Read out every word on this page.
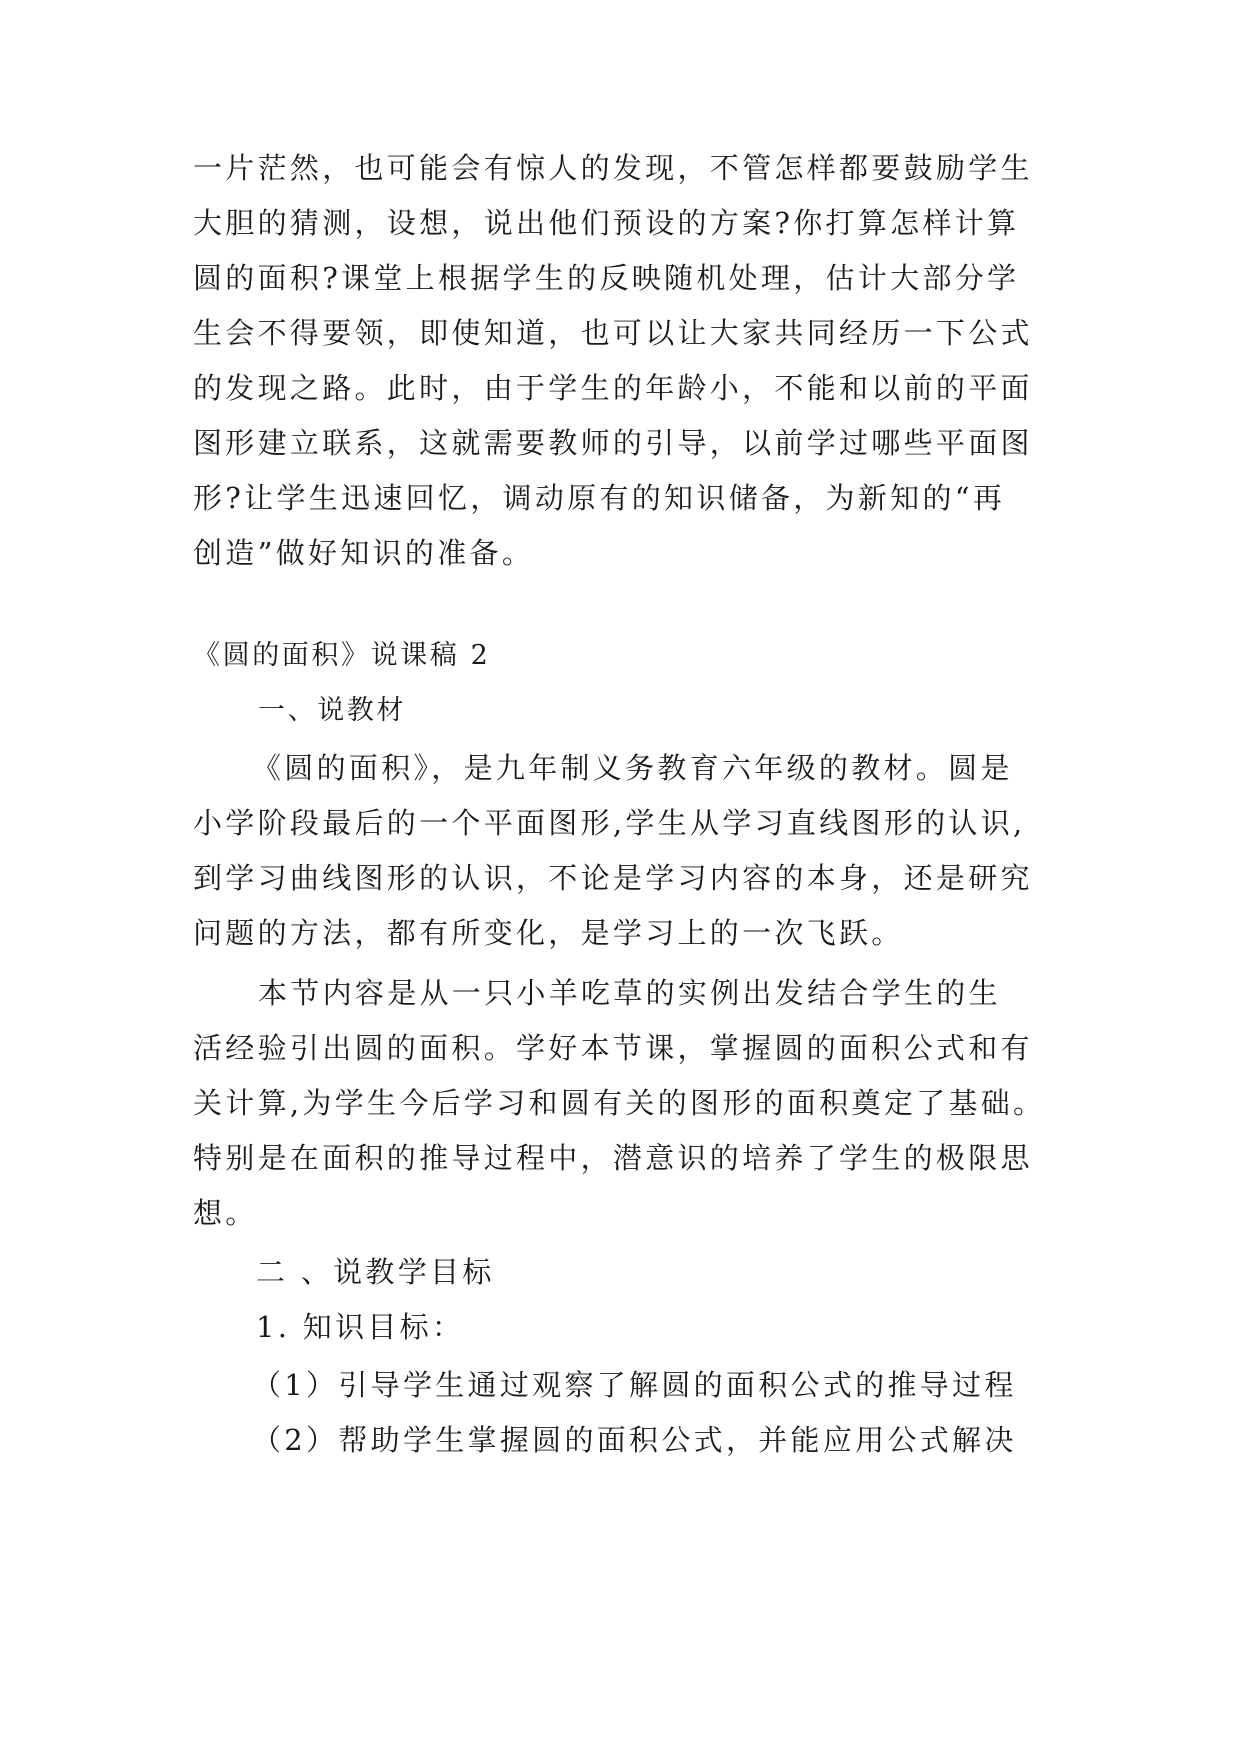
一片茫然，也可能会有惊人的发现，不管怎样都要鼓励学生
大胆的猜测，设想，说出他们预设的方案?你打算怎样计算
圆的面积?课堂上根据学生的反映随机处理，估计大部分学
生会不得要领，即使知道，也可以让大家共同经历一下公式
的发现之路。此时，由于学生的年龄小，不能和以前的平面
图形建立联系，这就需要教师的引导，以前学过哪些平面图
形?让学生迅速回忆，调动原有的知识储备，为新知的“再
创造”做好知识的准备。
《圆的面积》说课稿 2
一、说教材
《圆的面积》，是九年制义务教育六年级的教材。圆是
小学阶段最后的一个平面图形,学生从学习直线图形的认识,
到学习曲线图形的认识，不论是学习内容的本身，还是研究
问题的方法，都有所变化，是学习上的一次飞跃。
本节内容是从一只小羊吃草的实例出发结合学生的生
活经验引出圆的面积。学好本节课，掌握圆的面积公式和有
关计算,为学生今后学习和圆有关的图形的面积奠定了基础。
特别是在面积的推导过程中，潜意识的培养了学生的极限思
想。
二 、说教学目标
1. 知识目标：
（1）引导学生通过观察了解圆的面积公式的推导过程
（2）帮助学生掌握圆的面积公式，并能应用公式解决
